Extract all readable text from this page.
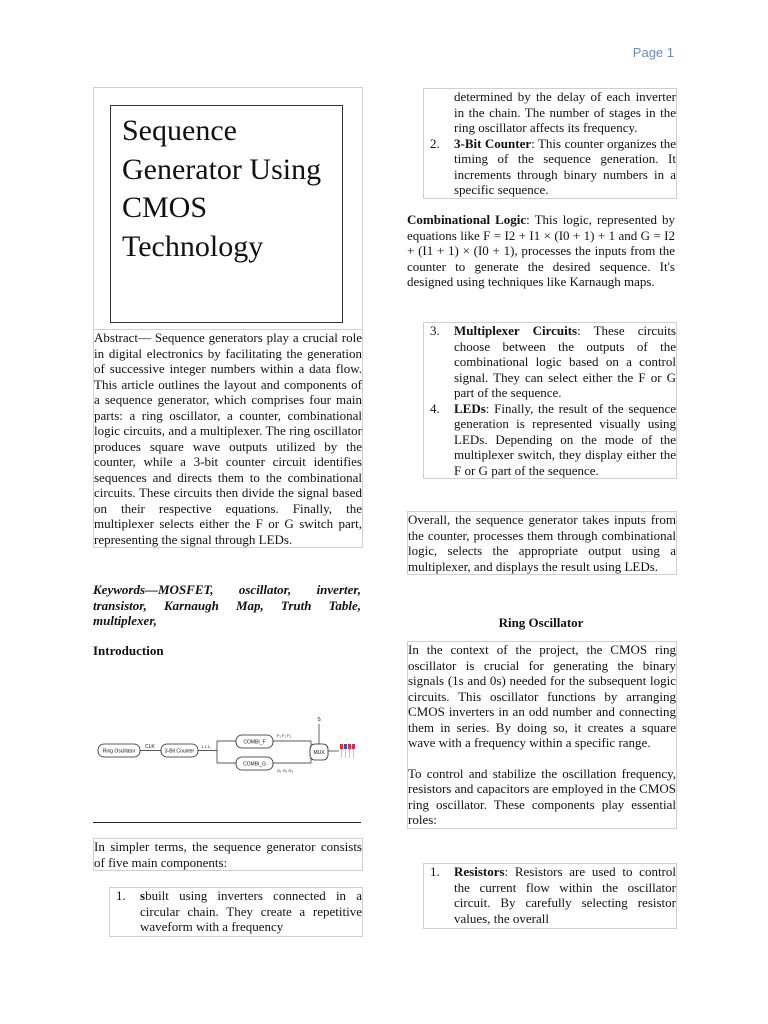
Page 1
Sequence Generator Using CMOS Technology
Abstract— Sequence generators play a crucial role in digital electronics by facilitating the generation of successive integer numbers within a data flow. This article outlines the layout and components of a sequence generator, which comprises four main parts: a ring oscillator, a counter, combinational logic circuits, and a multiplexer. The ring oscillator produces square wave outputs utilized by the counter, while a 3-bit counter circuit identifies sequences and directs them to the combinational circuits. These circuits then divide the signal based on their respective equations. Finally, the multiplexer selects either the F or G switch part, representing the signal through LEDs.
Keywords—MOSFET, oscillator, inverter, transistor, Karnaugh Map, Truth Table, multiplexer,
Introduction
Ring Oscillator
CLK
3-Bit Counter
1,1,1,
COMBI_F
COMBI_G
F₁ F₂ F₃
G₁ G₂ G₃
MUX
S
In simpler terms, the sequence generator consists of five main components:
1. sbuilt using inverters connected in a circular chain. They create a repetitive waveform with a frequency
determined by the delay of each inverter in the chain. The number of stages in the ring oscillator affects its frequency.
2. 3-Bit Counter: This counter organizes the timing of the sequence generation. It increments through binary numbers in a specific sequence.
Combinational Logic: This logic, represented by equations like F = I2 + I1 × (I0 + 1) + 1 and G = I2 + (I1 + 1) × (I0 + 1), processes the inputs from the counter to generate the desired sequence. It's designed using techniques like Karnaugh maps.
3. Multiplexer Circuits: These circuits choose between the outputs of the combinational logic based on a control signal. They can select either the F or G part of the sequence.
4. LEDs: Finally, the result of the sequence generation is represented visually using LEDs. Depending on the mode of the multiplexer switch, they display either the F or G part of the sequence.
Overall, the sequence generator takes inputs from the counter, processes them through combinational logic, selects the appropriate output using a multiplexer, and displays the result using LEDs.
Ring Oscillator

In the context of the project, the CMOS ring oscillator is crucial for generating the binary signals (1s and 0s) needed for the subsequent logic circuits. This oscillator functions by arranging CMOS inverters in an odd number and connecting them in series. By doing so, it creates a square wave with a frequency within a specific range.

To control and stabilize the oscillation frequency, resistors and capacitors are employed in the CMOS ring oscillator. These components play essential roles:

1. Resistors: Resistors are used to control the current flow within the oscillator circuit. By carefully selecting resistor values, the overall
